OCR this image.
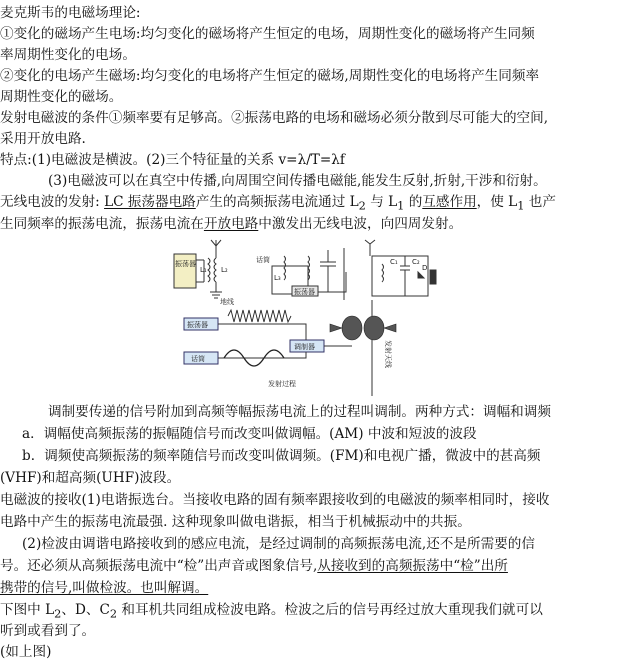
麦克斯韦的电磁场理论:
①变化的磁场产生电场:均匀变化的磁场将产生恒定的电场，周期性变化的磁场将产生同频
率周期性变化的电场。
②变化的电场产生磁场:均匀变化的电场将产生恒定的磁场,周期性变化的电场将产生同频率
周期性变化的磁场。
发射电磁波的条件①频率要有足够高。②振荡电路的电场和磁场必须分散到尽可能大的空间,
采用开放电路.
特点:(1)电磁波是横波。(2)三个特征量的关系 v=λ/T=λf
(3)电磁波可以在真空中传播,向周围空间传播电磁能,能发生反射,折射,干涉和衍射。
无线电波的发射: LC 振荡器电路产生的高频振荡电流通过 $L_2$ 与 $L_1$ 的互感作用，使 $L_1$ 也产
生同频率的振荡电流，振荡电流在开放电路中激发出无线电波，向四周发射。
振荡器
地线
L₁ L₂
话筒
L₃
振荡器
C₁ C₂
D
振荡器
话筒
调制器
发射过程
发射天线
调制要传递的信号附加到高频等幅振荡电流上的过程叫调制。两种方式：调幅和调频
a．调幅使高频振荡的振幅随信号而改变叫做调幅。(AM) 中波和短波的波段
b．调频使高频振荡的频率随信号而改变叫做调频。(FM)和电视广播，微波中的甚高频
(VHF)和超高频(UHF)波段。
电磁波的接收(1)电谐振选台。当接收电路的固有频率跟接收到的电磁波的频率相同时，接收
电路中产生的振荡电流最强. 这种现象叫做电谐振，相当于机械振动中的共振。
(2)检波由调谐电路接收到的感应电流，是经过调制的高频振荡电流,还不是所需要的信
号。还必须从高频振荡电流中“检”出声音或图象信号,从接收到的高频振荡中“检”出所
携带的信号,叫做检波。也叫解调。
下图中 $L_2$、D、$C_2$ 和耳机共同组成检波电路。检波之后的信号再经过放大重现我们就可以
听到或看到了。
(如上图)
